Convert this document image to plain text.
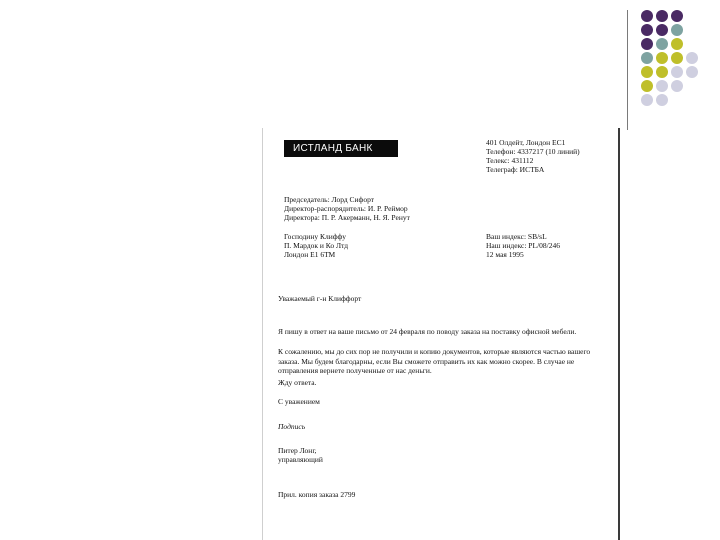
ИСТЛАНД БАНК
401 Олдейт, Лондон ЕС1
Телефон: 4337217 (10 линий)
Телекс: 431112
Телеграф: ИСТБА
Председатель: Лорд Сифорт
Директор-распорядитель: И. Р. Реймор
Директора: П. Р. Акерманн, Н. Я. Ренут
Господину Клиффу
П. Мардок и Ко Лтд
Лондон Е1 6ТМ
Ваш индекс: SB/sL
Наш индекс: PL/08/246
12 мая 1995
Уважаемый г-н Клиффорт
Я пишу в ответ на ваше письмо от 24 февраля по поводу заказа на поставку офисной мебели.
К сожалению, мы до сих пор не получили и копию документов, которые являются частью вашего заказа. Мы будем благодарны, если Вы сможете отправить их как можно скорее. В случае не отправления вернете полученные от нас деньги.
Жду ответа.
С уважением
Подпись
Питер Лонг,
управляющий
Прил. копия заказа 2799
